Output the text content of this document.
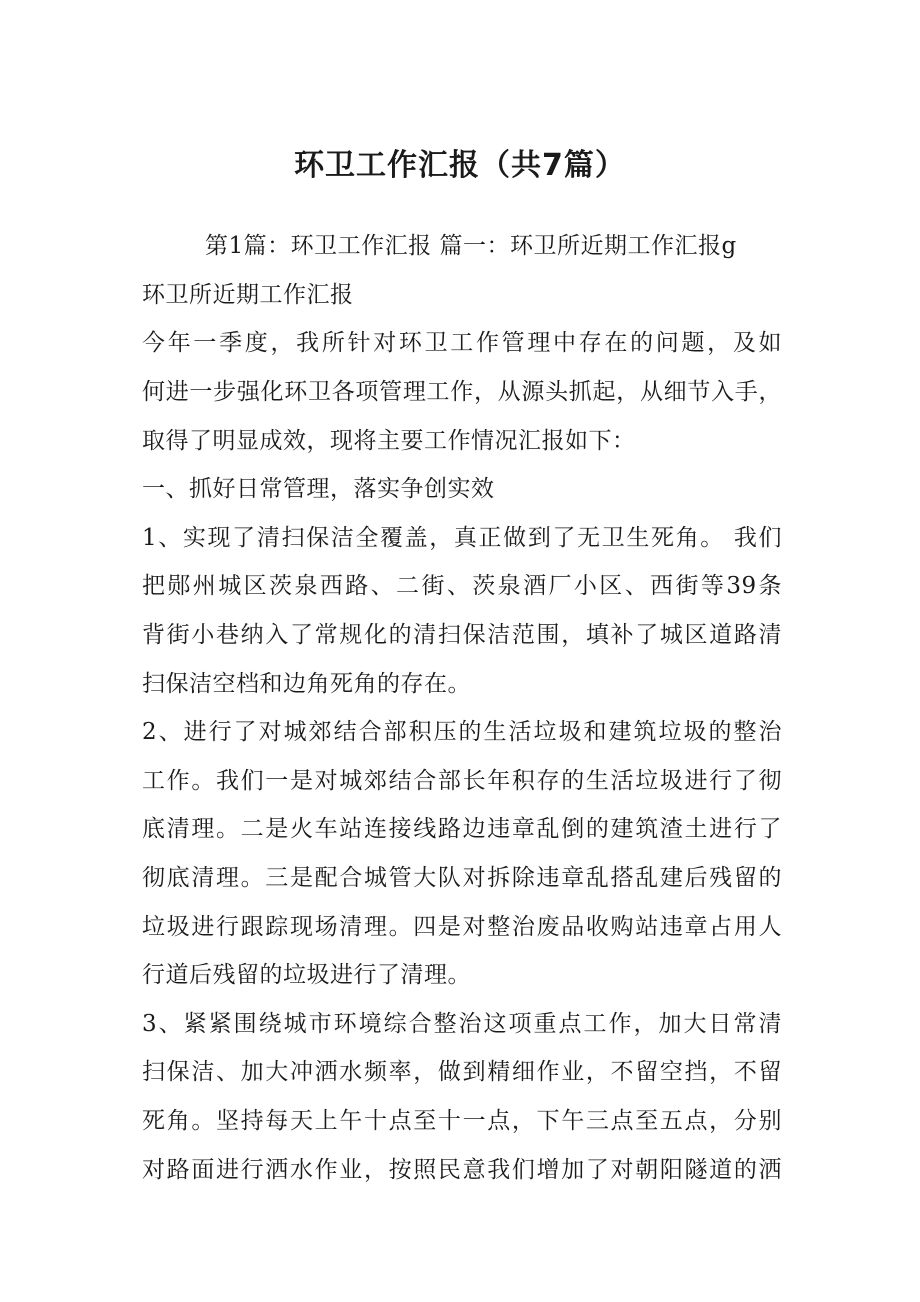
环卫工作汇报（共7篇）
第1篇：环卫工作汇报 篇一：环卫所近期工作汇报g
环卫所近期工作汇报
今年一季度，我所针对环卫工作管理中存在的问题，及如
何进一步强化环卫各项管理工作，从源头抓起，从细节入手，
取得了明显成效，现将主要工作情况汇报如下：
一、抓好日常管理，落实争创实效
1、实现了清扫保洁全覆盖，真正做到了无卫生死角。 我们
把郧州城区茨泉西路、二街、茨泉酒厂小区、西街等39条
背街小巷纳入了常规化的清扫保洁范围，填补了城区道路清
扫保洁空档和边角死角的存在。
2、进行了对城郊结合部积压的生活垃圾和建筑垃圾的整治
工作。我们一是对城郊结合部长年积存的生活垃圾进行了彻
底清理。二是火车站连接线路边违章乱倒的建筑渣土进行了
彻底清理。三是配合城管大队对拆除违章乱搭乱建后残留的
垃圾进行跟踪现场清理。四是对整治废品收购站违章占用人
行道后残留的垃圾进行了清理。
3、紧紧围绕城市环境综合整治这项重点工作，加大日常清
扫保洁、加大冲洒水频率，做到精细作业，不留空挡，不留
死角。坚持每天上午十点至十一点，下午三点至五点，分别
对路面进行洒水作业，按照民意我们增加了对朝阳隧道的洒
